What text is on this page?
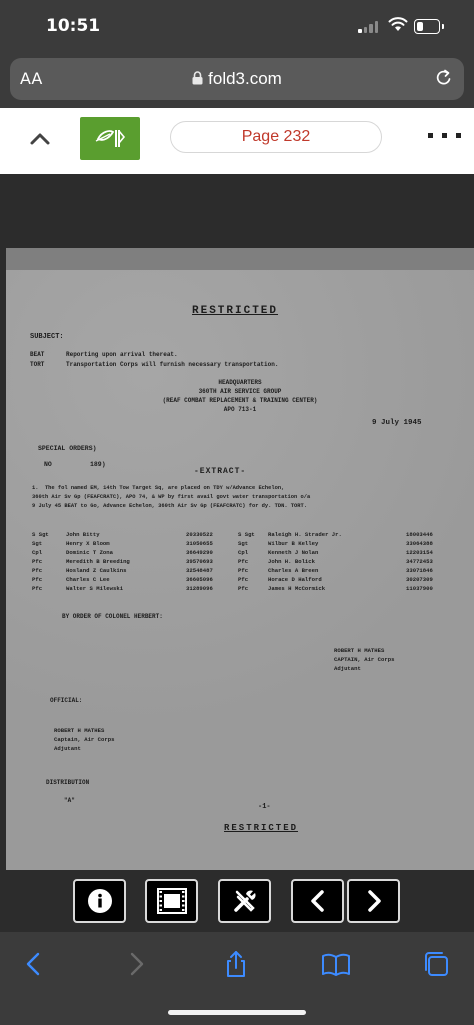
10:51
AA	fold3.com
Page 232
RESTRICTED
SUBJECT:
BEAT	Reporting upon arrival thereat.
TORT	Transportation Corps will furnish necessary transportation.
HEADQUARTERS
360TH AIR SERVICE GROUP
(REAF COMBAT REPLACEMENT & TRAINING CENTER)
APO 713-1
9 July 1945
SPECIAL ORDERS)
NO	189)
-EXTRACT-
1.  The fol named EM, 14th Tow Target Sq, are placed on TDY w/Advance Echelon,
360th Air Sv Gp (FEAFCRATC), APO 74, & WP by first avail govt water transportation o/a
9 July 45 BEAT to Go, Advance Echelon, 360th Air Sv Gp (FEAFCRATC) for dy. TDN. TORT.
S Sgt	John Bitty	20330522
Sgt	Henry X Bloom	31050655
Cpl	Dominic T Zona	36649290
Pfc	Meredith B Breeding	39570693
Pfc	Hosland Z Caulkins	32548487
Pfc	Charles C Lee	36605096
Pfc	Walter S Milewski	31289096
S Sgt Raleigh H. Strader Jr.	18003446
Sgt	Wilbur B Kelley	33064388
Cpl	Kenneth J Nolan	12203154
Pfc	John H. Bolick	34772453
Pfc	Charles A Breen	33071846
Pfc	Horace D Halford	30207309
Pfc	James H McCormick	11037900
BY ORDER OF COLONEL HERBERT:
ROBERT H MATHES
CAPTAIN, Air Corps
Adjutant
OFFICIAL:
ROBERT H MATHES
Captain, Air Corps
Adjutant
DISTRIBUTION
"A"
-1-
RESTRICTED
